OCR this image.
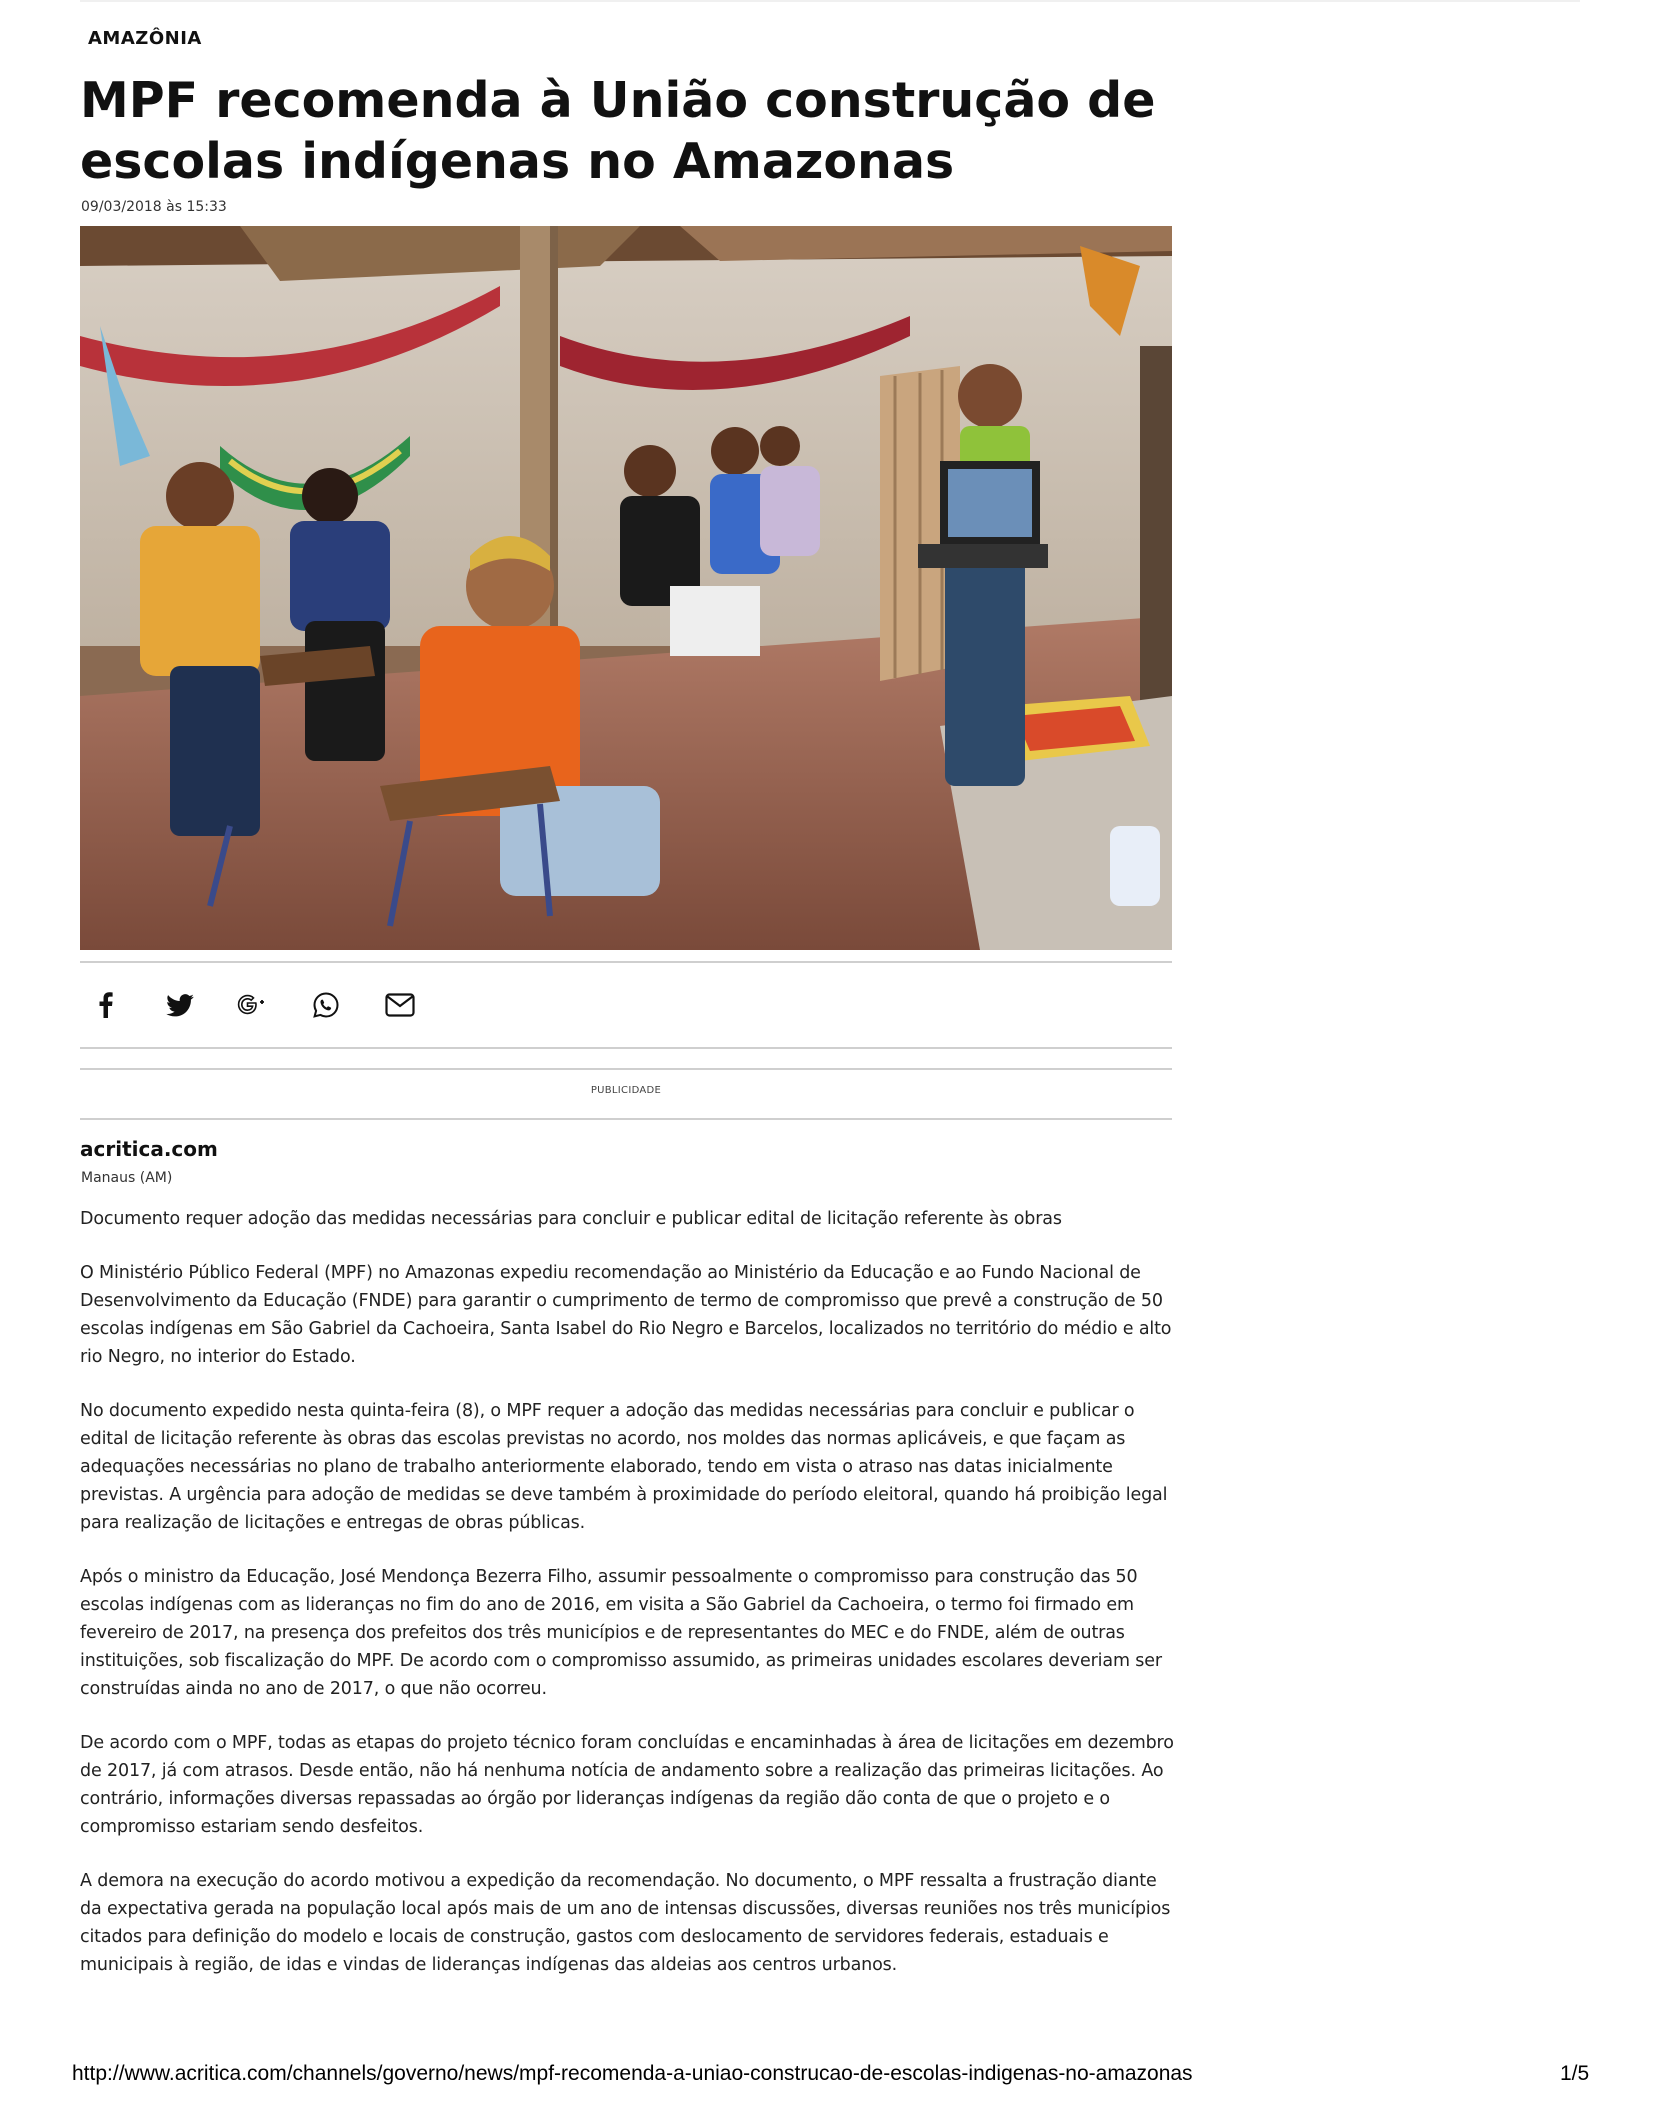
AMAZÔNIA
MPF recomenda à União construção de
escolas indígenas no Amazonas
09/03/2018 às 15:33
PUBLICIDADE
acritica.com
Manaus (AM)

Documento requer adoção das medidas necessárias para concluir e publicar edital de licitação referente às obras

O Ministério Público Federal (MPF) no Amazonas expediu recomendação ao Ministério da Educação e ao Fundo Nacional de Desenvolvimento da Educação (FNDE) para garantir o cumprimento de termo de compromisso que prevê a construção de 50 escolas indígenas em São Gabriel da Cachoeira, Santa Isabel do Rio Negro e Barcelos, localizados no território do médio e alto rio Negro, no interior do Estado.

No documento expedido nesta quinta-feira (8), o MPF requer a adoção das medidas necessárias para concluir e publicar o edital de licitação referente às obras das escolas previstas no acordo, nos moldes das normas aplicáveis, e que façam as adequações necessárias no plano de trabalho anteriormente elaborado, tendo em vista o atraso nas datas inicialmente previstas. A urgência para adoção de medidas se deve também à proximidade do período eleitoral, quando há proibição legal para realização de licitações e entregas de obras públicas.

Após o ministro da Educação, José Mendonça Bezerra Filho, assumir pessoalmente o compromisso para construção das 50 escolas indígenas com as lideranças no fim do ano de 2016, em visita a São Gabriel da Cachoeira, o termo foi firmado em fevereiro de 2017, na presença dos prefeitos dos três municípios e de representantes do MEC e do FNDE, além de outras instituições, sob fiscalização do MPF. De acordo com o compromisso assumido, as primeiras unidades escolares deveriam ser construídas ainda no ano de 2017, o que não ocorreu.

De acordo com o MPF, todas as etapas do projeto técnico foram concluídas e encaminhadas à área de licitações em dezembro de 2017, já com atrasos. Desde então, não há nenhuma notícia de andamento sobre a realização das primeiras licitações. Ao contrário, informações diversas repassadas ao órgão por lideranças indígenas da região dão conta de que o projeto e o compromisso estariam sendo desfeitos.

A demora na execução do acordo motivou a expedição da recomendação. No documento, o MPF ressalta a frustração diante da expectativa gerada na população local após mais de um ano de intensas discussões, diversas reuniões nos três municípios citados para definição do modelo e locais de construção, gastos com deslocamento de servidores federais, estaduais e municipais à região, de idas e vindas de lideranças indígenas das aldeias aos centros urbanos.

http://www.acritica.com/channels/governo/news/mpf-recomenda-a-uniao-construcao-de-escolas-indigenas-no-amazonas	1/5
